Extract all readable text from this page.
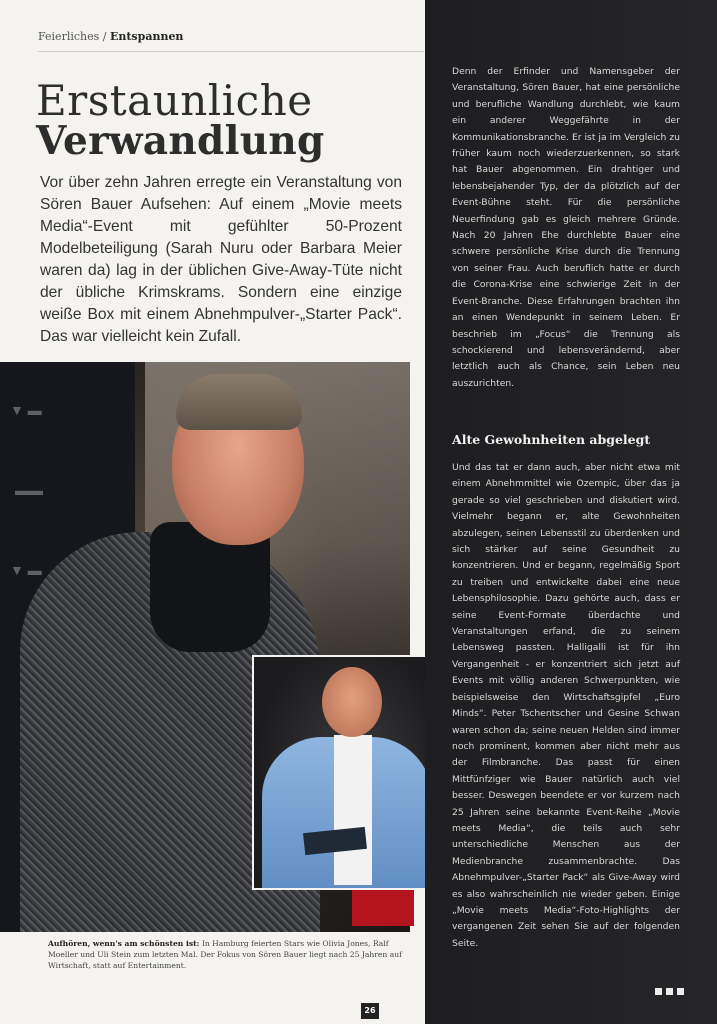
Feierliches / Entspannen
Erstaunliche
Verwandlung

Vor über zehn Jahren erregte ein Veranstaltung von Sören Bauer Aufsehen: Auf einem „Movie meets Media“-Event mit gefühlter 50-Prozent Modelbeteiligung (Sarah Nuru oder Barbara Meier waren da) lag in der üblichen Give-Away-Tüte nicht der übliche Krimskrams. Sondern eine einzige weiße Box mit einem Abnehmpulver-„Starter Pack“. Das war vielleicht kein Zufall.

▼ ▬
▬▬
▼ ▬

Aufhören, wenn's am schönsten ist: In Hamburg feierten Stars wie Olivia Jones, Ralf Moeller und Uli Stein zum letzten Mal. Der Fokus von Sören Bauer liegt nach 25 Jahren auf Wirtschaft, statt auf Entertainment.

26

Denn der Erfinder und Namensgeber der Veranstaltung, Sören Bauer, hat eine persönliche und berufliche Wandlung durchlebt, wie kaum ein anderer Weggefährte in der Kommunikationsbranche. Er ist ja im Vergleich zu früher kaum noch wiederzuerkennen, so stark hat Bauer abgenommen. Ein drahtiger und lebensbejahender Typ, der da plötzlich auf der Event-Bühne steht. Für die persönliche Neuerfindung gab es gleich mehrere Gründe. Nach 20 Jahren Ehe durchlebte Bauer eine schwere persönliche Krise durch die Trennung von seiner Frau. Auch beruflich hatte er durch die Corona-Krise eine schwierige Zeit in der Event-Branche. Diese Erfahrungen brachten ihn an einen Wendepunkt in seinem Leben. Er beschrieb im „Focus“ die Trennung als schockierend und lebensverändernd, aber letztlich auch als Chance, sein Leben neu auszurichten.

Alte Gewohnheiten abgelegt

Und das tat er dann auch, aber nicht etwa mit einem Abnehmmittel wie Ozempic, über das ja gerade so viel geschrieben und diskutiert wird. Vielmehr begann er, alte Gewohnheiten abzulegen, seinen Lebensstil zu überdenken und sich stärker auf seine Gesundheit zu konzentrieren. Und er begann, regelmäßig Sport zu treiben und entwickelte dabei eine neue Lebensphilosophie. Dazu gehörte auch, dass er seine Event-Formate überdachte und Veranstaltungen erfand, die zu seinem Lebensweg passten. Halligalli ist für ihn Vergangenheit - er konzentriert sich jetzt auf Events mit völlig anderen Schwerpunkten, wie beispielsweise den Wirtschaftsgipfel „Euro Minds“. Peter Tschentscher und Gesine Schwan waren schon da; seine neuen Helden sind immer noch prominent, kommen aber nicht mehr aus der Filmbranche. Das passt für einen Mittfünfziger wie Bauer natürlich auch viel besser. Deswegen beendete er vor kurzem nach 25 Jahren seine bekannte Event-Reihe „Movie meets Media“, die teils auch sehr unterschiedliche Menschen aus der Medienbranche zusammenbrachte. Das Abnehmpulver-„Starter Pack“ als Give-Away wird es also wahrscheinlich nie wieder geben. Einige „Movie meets Media“-Foto-Highlights der vergangenen Zeit sehen Sie auf der folgenden Seite.
